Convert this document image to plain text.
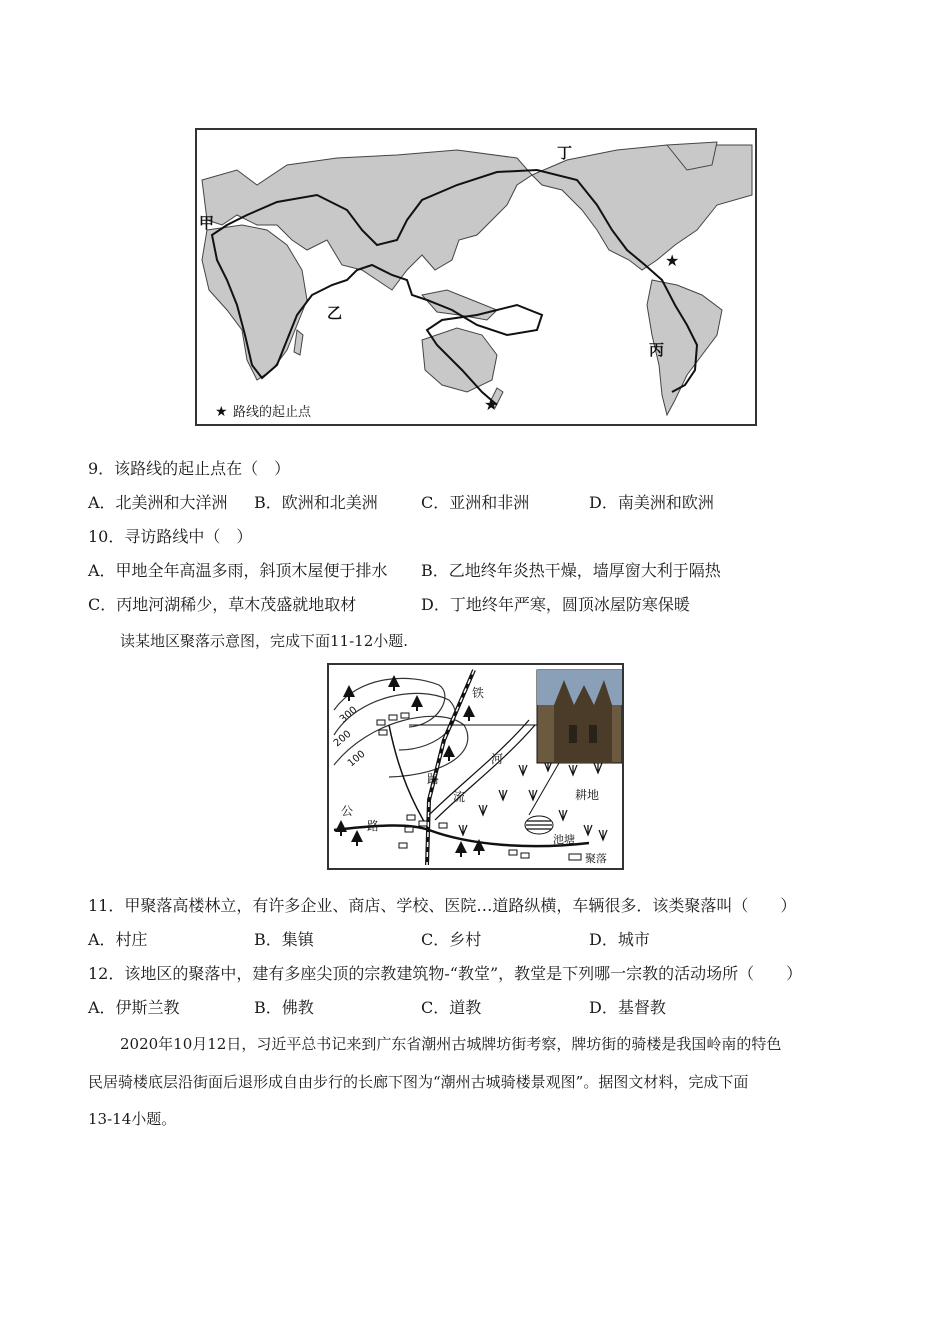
★
★
甲
乙
丙
丁
★ 路线的起止点
9．该路线的起止点在（　）
A．北美洲和大洋洲 B．欧洲和北美洲	C．亚洲和非洲	D．南美洲和欧洲
10．寻访路线中（　）
A．甲地全年高温多雨，斜顶木屋便于排水 B．乙地终年炎热干燥，墙厚窗大利于隔热
C．丙地河湖稀少，草木茂盛就地取材	D．丁地终年严寒，圆顶冰屋防寒保暖
读某地区聚落示意图，完成下面11-12小题.
300
200
100
铁
路
公
路
河
流	耕地
池塘
聚落
11．甲聚落高楼林立，有许多企业、商店、学校、医院…道路纵横，车辆很多．该类聚落叫（　　）
A．村庄	B．集镇	C．乡村	D．城市
12．该地区的聚落中，建有多座尖顶的宗教建筑物-“教堂”，教堂是下列哪一宗教的活动场所（　　）
A．伊斯兰教	B．佛教	C．道教	D．基督教
2020年10月12日，习近平总书记来到广东省潮州古城牌坊街考察，牌坊街的骑楼是我国岭南的特色
民居骑楼底层沿街面后退形成自由步行的长廊下图为“潮州古城骑楼景观图”。据图文材料，完成下面
13-14小题。
